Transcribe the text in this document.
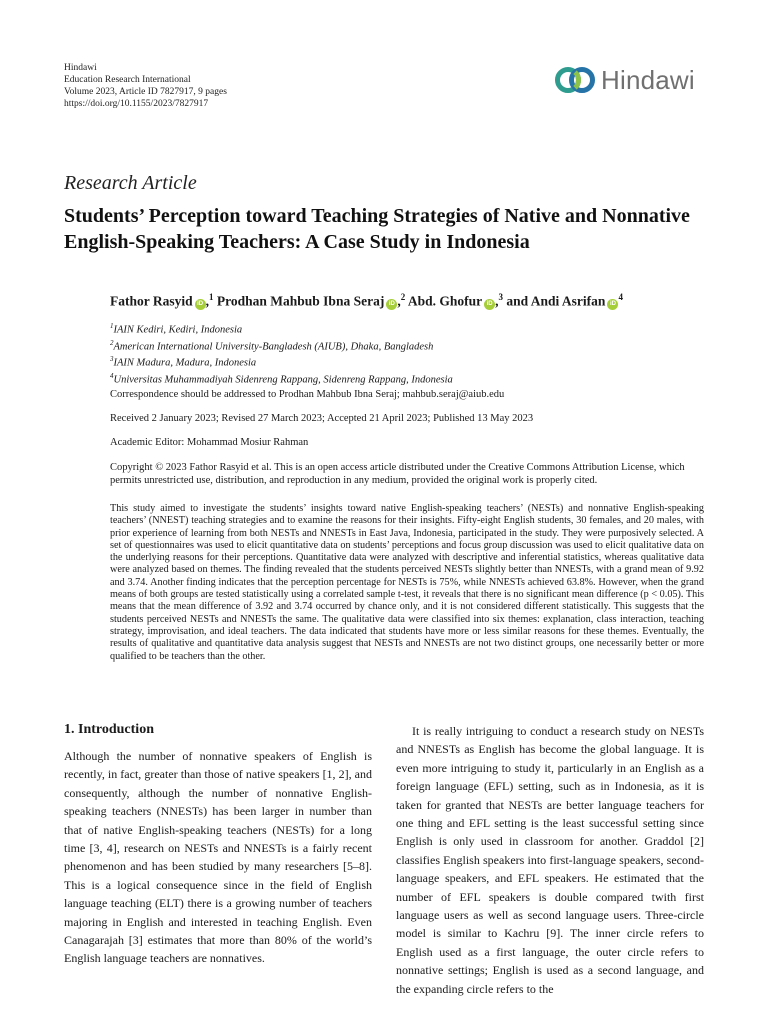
Hindawi
Education Research International
Volume 2023, Article ID 7827917, 9 pages
https://doi.org/10.1155/2023/7827917
Hindawi
Research Article
Students’ Perception toward Teaching Strategies of Native and Nonnative English-Speaking Teachers: A Case Study in Indonesia
Fathor Rasyid iD ,$^1$ Prodhan Mahbub Ibna Seraj iD ,$^2$ Abd. Ghofur iD ,$^3$ and Andi Asrifan $iD^4$
$^1$IAIN Kediri, Kediri, Indonesia
$^2$American International University-Bangladesh (AIUB), Dhaka, Bangladesh
$^3$IAIN Madura, Madura, Indonesia
$^4$Universitas Muhammadiyah Sidenreng Rappang, Sidenreng Rappang, Indonesia
Correspondence should be addressed to Prodhan Mahbub Ibna Seraj; mahbub.seraj@aiub.edu
Received 2 January 2023; Revised 27 March 2023; Accepted 21 April 2023; Published 13 May 2023
Academic Editor: Mohammad Mosiur Rahman

Copyright © 2023 Fathor Rasyid et al. This is an open access article distributed under the Creative Commons Attribution License, which permits unrestricted use, distribution, and reproduction in any medium, provided the original work is properly cited.

This study aimed to investigate the students’ insights toward native English-speaking teachers’ (NESTs) and nonnative English-speaking teachers’ (NNEST) teaching strategies and to examine the reasons for their insights. Fifty-eight English students, 30 females, and 20 males, with prior experience of learning from both NESTs and NNESTs in East Java, Indonesia, participated in the study. They were purposively selected. A set of questionnaires was used to elicit quantitative data on students’ perceptions and focus group discussion was used to elicit qualitative data on the underlying reasons for their perceptions. Quantitative data were analyzed with descriptive and inferential statistics, whereas qualitative data were analyzed based on themes. The finding revealed that the students perceived NESTs slightly better than NNESTs, with a grand mean of 9.92 and 3.74. Another finding indicates that the perception percentage for NESTs is 75%, while NNESTs achieved 63.8%. However, when the grand means of both groups are tested statistically using a correlated sample t-test, it reveals that there is no significant mean difference (p < 0.05). This means that the mean difference of 3.92 and 3.74 occurred by chance only, and it is not considered different statistically. This suggests that the students perceived NESTs and NNESTs the same. The qualitative data were classified into six themes: explanation, class interaction, teaching strategy, improvisation, and ideal teachers. The data indicated that students have more or less similar reasons for these themes. Eventually, the results of qualitative and quantitative data analysis suggest that NESTs and NNESTs are not two distinct groups, one necessarily better or more qualified to be teachers than the other.

1. Introduction

Although the number of nonnative speakers of English is recently, in fact, greater than those of native speakers [1, 2], and consequently, although the number of nonnative English-speaking teachers (NNESTs) has been larger in number than that of native English-speaking teachers (NESTs) for a long time [3, 4], research on NESTs and NNESTs is a fairly recent phenomenon and has been studied by many researchers [5–8]. This is a logical consequence since in the field of English language teaching (ELT) there is a growing number of teachers majoring in English and interested in teaching English. Even Canagarajah [3] estimates that more than 80% of the world’s English language teachers are nonnatives.

It is really intriguing to conduct a research study on NESTs and NNESTs as English has become the global language. It is even more intriguing to study it, particularly in an English as a foreign language (EFL) setting, such as in Indonesia, as it is taken for granted that NESTs are better language teachers for one thing and EFL setting is the least successful setting since English is only used in classroom for another. Graddol [2] classifies English speakers into first-language speakers, second-language speakers, and EFL speakers. He estimated that the number of EFL speakers is double compared twith first language users as well as second language users. Three-circle model is similar to Kachru [9]. The inner circle refers to English used as a first language, the outer circle refers to nonnative settings; English is used as a second language, and the expanding circle refers to the
